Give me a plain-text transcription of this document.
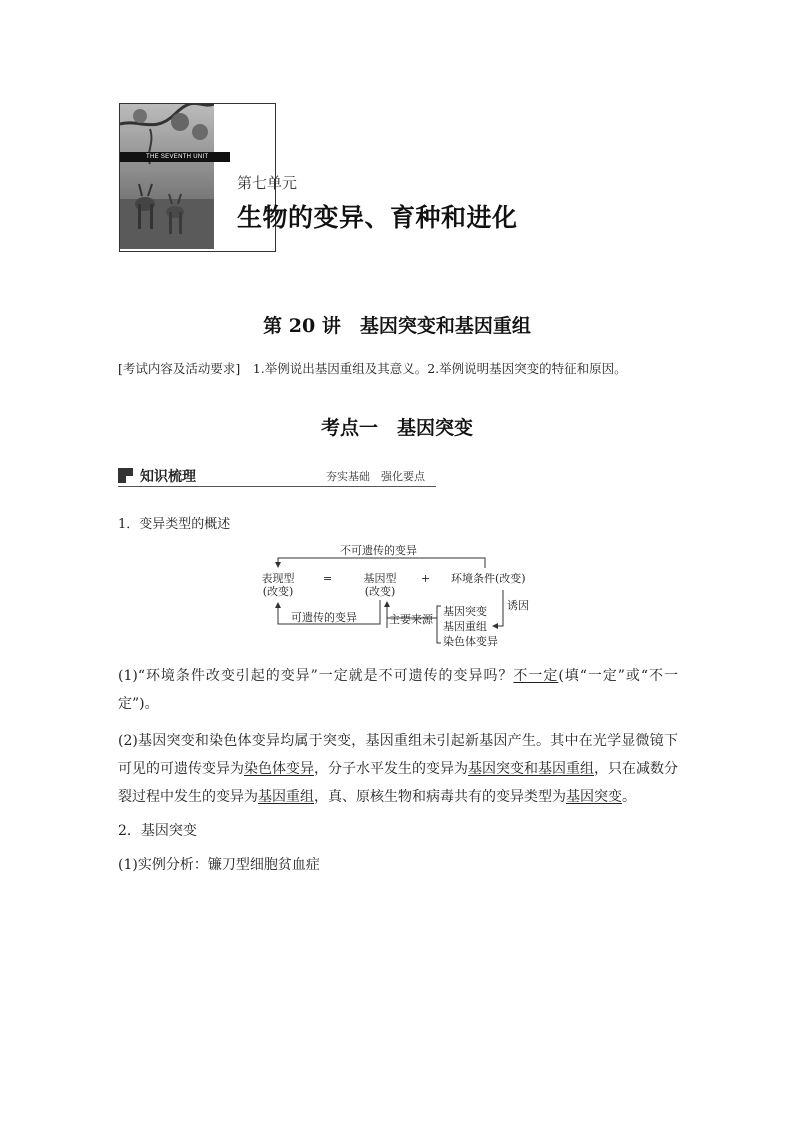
THE SEVENTH UNIT
第七单元
生物的变异、育种和进化
第 20 讲　基因突变和基因重组
[考试内容及活动要求]　 1.举例说出基因重组及其意义。2.举例说明基因突变的特征和原因。
考点一　基因突变
知识梳理	夯实基础　强化要点
1．变异类型的概述
不可遗传的变异
表现型
(改变)
=	基因型
(改变)
+ 环境条件(改变)
可遗传的变异	主要来源
诱因
基因突变
基因重组
染色体变异
(1)“环境条件改变引起的变异”一定就是不可遗传的变异吗？不一定(填“一定”或“不一定”)。
(2)基因突变和染色体变异均属于突变，基因重组未引起新基因产生。其中在光学显微镜下可见的可遗传变异为染色体变异，分子水平发生的变异为基因突变和基因重组，只在减数分裂过程中发生的变异为基因重组，真、原核生物和病毒共有的变异类型为基因突变。
2．基因突变
(1)实例分析：镰刀型细胞贫血症
